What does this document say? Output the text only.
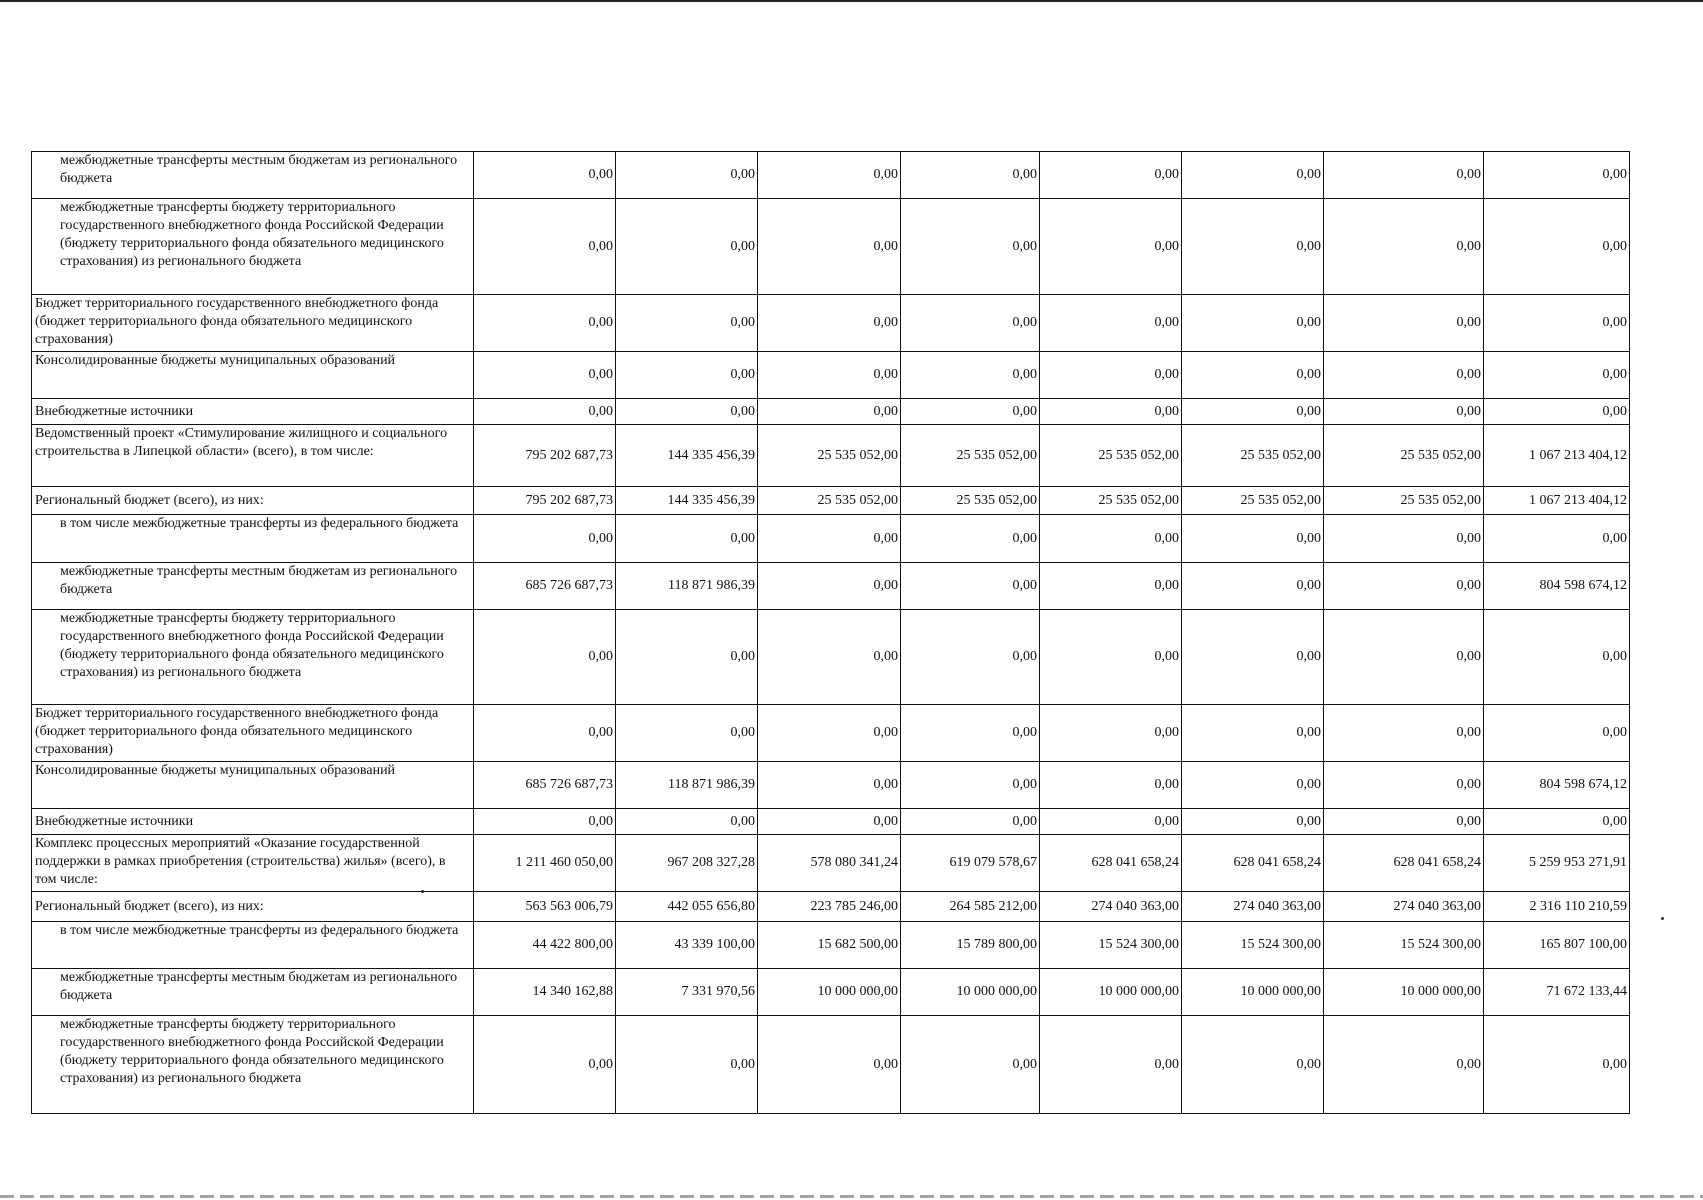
межбюджетные трансферты местным бюджетам из регионального бюджета	0,00	0,00	0,00	0,00	0,00	0,00	0,00	0,00
межбюджетные трансферты бюджету территориального государственного внебюджетного фонда Российской Федерации (бюджету территориального фонда обязательного медицинского страхования) из регионального бюджета	0,00	0,00	0,00	0,00	0,00	0,00	0,00	0,00
Бюджет территориального государственного внебюджетного фонда (бюджет территориального фонда обязательного медицинского страхования)	0,00	0,00	0,00	0,00	0,00	0,00	0,00	0,00
Консолидированные бюджеты муниципальных образований	0,00	0,00	0,00	0,00	0,00	0,00	0,00	0,00
Внебюджетные источники	0,00	0,00	0,00	0,00	0,00	0,00	0,00	0,00
Ведомственный проект «Стимулирование жилищного и социального строительства в Липецкой области» (всего), в том числе:	795 202 687,73	144 335 456,39	25 535 052,00	25 535 052,00	25 535 052,00	25 535 052,00	25 535 052,00	1 067 213 404,12
Региональный бюджет (всего), из них:	795 202 687,73	144 335 456,39	25 535 052,00	25 535 052,00	25 535 052,00	25 535 052,00	25 535 052,00	1 067 213 404,12
в том числе межбюджетные трансферты из федерального бюджета	0,00	0,00	0,00	0,00	0,00	0,00	0,00	0,00
межбюджетные трансферты местным бюджетам из регионального бюджета	685 726 687,73	118 871 986,39	0,00	0,00	0,00	0,00	0,00	804 598 674,12
межбюджетные трансферты бюджету территориального государственного внебюджетного фонда Российской Федерации (бюджету территориального фонда обязательного медицинского страхования) из регионального бюджета	0,00	0,00	0,00	0,00	0,00	0,00	0,00	0,00
Бюджет территориального государственного внебюджетного фонда (бюджет территориального фонда обязательного медицинского страхования)	0,00	0,00	0,00	0,00	0,00	0,00	0,00	0,00
Консолидированные бюджеты муниципальных образований	685 726 687,73	118 871 986,39	0,00	0,00	0,00	0,00	0,00	804 598 674,12
Внебюджетные источники	0,00	0,00	0,00	0,00	0,00	0,00	0,00	0,00
Комплекс процессных мероприятий «Оказание государственной поддержки в рамках приобретения (строительства) жилья» (всего), в том числе:	1 211 460 050,00	967 208 327,28	578 080 341,24	619 079 578,67	628 041 658,24	628 041 658,24	628 041 658,24	5 259 953 271,91
Региональный бюджет (всего), из них:	563 563 006,79	442 055 656,80	223 785 246,00	264 585 212,00	274 040 363,00	274 040 363,00	274 040 363,00	2 316 110 210,59
в том числе межбюджетные трансферты из федерального бюджета	44 422 800,00	43 339 100,00	15 682 500,00	15 789 800,00	15 524 300,00	15 524 300,00	15 524 300,00	165 807 100,00
межбюджетные трансферты местным бюджетам из регионального бюджета	14 340 162,88	7 331 970,56	10 000 000,00	10 000 000,00	10 000 000,00	10 000 000,00	10 000 000,00	71 672 133,44
межбюджетные трансферты бюджету территориального государственного внебюджетного фонда Российской Федерации (бюджету территориального фонда обязательного медицинского страхования) из регионального бюджета	0,00	0,00	0,00	0,00	0,00	0,00	0,00	0,00
